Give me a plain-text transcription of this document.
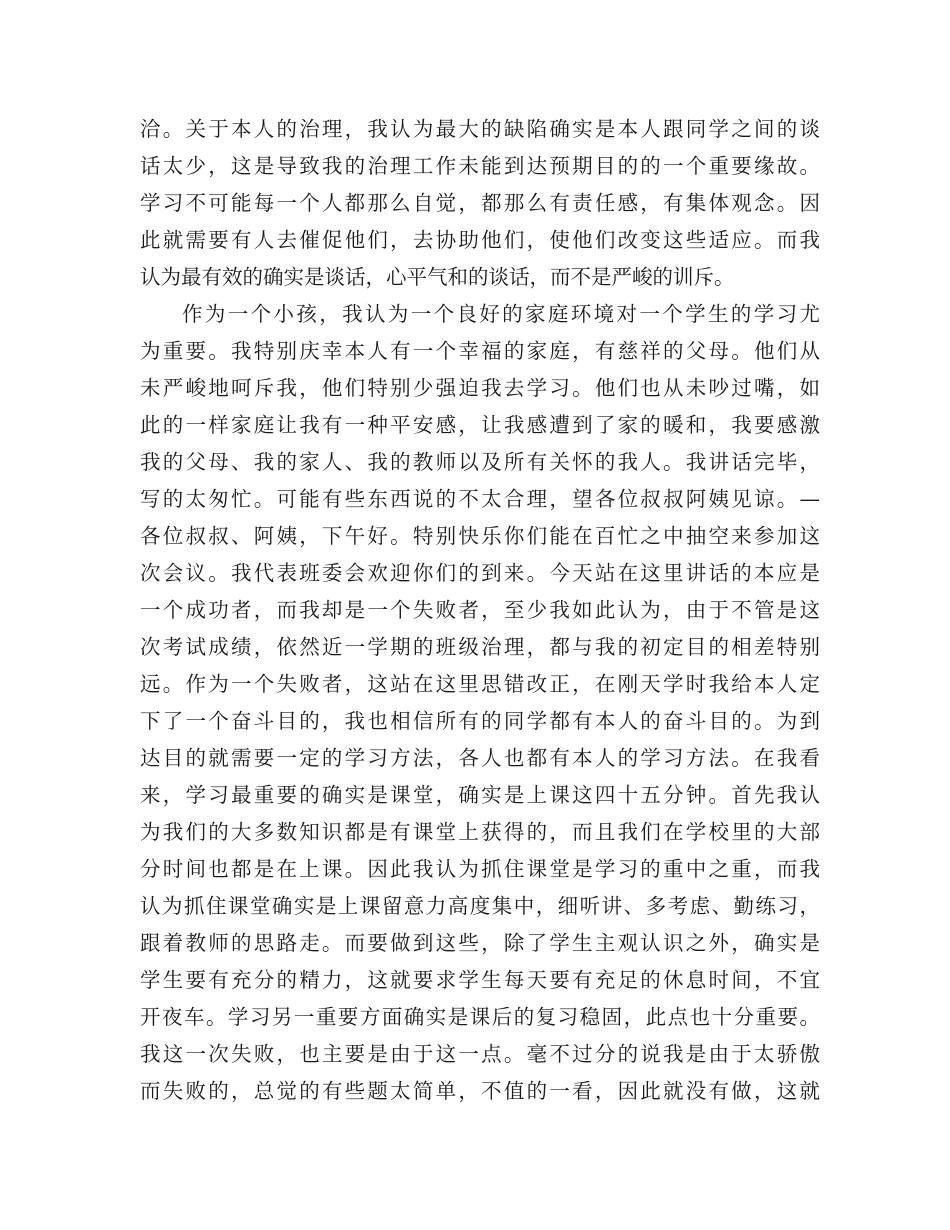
洽。关于本人的治理，我认为最大的缺陷确实是本人跟同学之间的谈
话太少，这是导致我的治理工作未能到达预期目的的一个重要缘故。
学习不可能每一个人都那么自觉，都那么有责任感，有集体观念。因
此就需要有人去催促他们，去协助他们，使他们改变这些适应。而我
认为最有效的确实是谈话，心平气和的谈话，而不是严峻的训斥。
作为一个小孩，我认为一个良好的家庭环境对一个学生的学习尤
为重要。我特别庆幸本人有一个幸福的家庭，有慈祥的父母。他们从
未严峻地呵斥我，他们特别少强迫我去学习。他们也从未吵过嘴，如
此的一样家庭让我有一种平安感，让我感遭到了家的暖和，我要感激
我的父母、我的家人、我的教师以及所有关怀的我人。我讲话完毕，
写的太匆忙。可能有些东西说的不太合理，望各位叔叔阿姨见谅。—
各位叔叔、阿姨，下午好。特别快乐你们能在百忙之中抽空来参加这
次会议。我代表班委会欢迎你们的到来。今天站在这里讲话的本应是
一个成功者，而我却是一个失败者，至少我如此认为，由于不管是这
次考试成绩，依然近一学期的班级治理，都与我的初定目的相差特别
远。作为一个失败者，这站在这里思错改正，在刚天学时我给本人定
下了一个奋斗目的，我也相信所有的同学都有本人的奋斗目的。为到
达目的就需要一定的学习方法，各人也都有本人的学习方法。在我看
来，学习最重要的确实是课堂，确实是上课这四十五分钟。首先我认
为我们的大多数知识都是有课堂上获得的，而且我们在学校里的大部
分时间也都是在上课。因此我认为抓住课堂是学习的重中之重，而我
认为抓住课堂确实是上课留意力高度集中，细听讲、多考虑、勤练习，
跟着教师的思路走。而要做到这些，除了学生主观认识之外，确实是
学生要有充分的精力，这就要求学生每天要有充足的休息时间，不宜
开夜车。学习另一重要方面确实是课后的复习稳固，此点也十分重要。
我这一次失败，也主要是由于这一点。毫不过分的说我是由于太骄傲
而失败的，总觉的有些题太简单，不值的一看，因此就没有做，这就
